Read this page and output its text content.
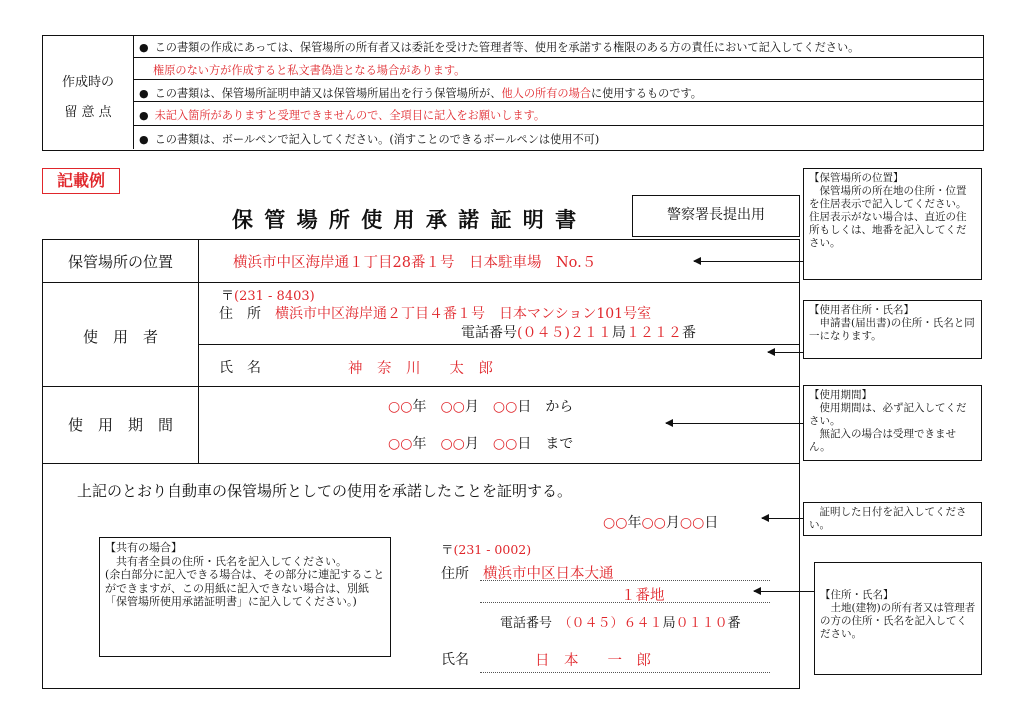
作成時の
留 意 点
● この書類の作成にあっては、保管場所の所有者又は委託を受けた管理者等、使用を承諾する権限のある方の責任において記入してください。
権原のない方が作成すると私文書偽造となる場合があります。
● この書類は、保管場所証明申請又は保管場所届出を行う保管場所が、他人の所有の場合に使用するものです。
● 未記入箇所がありますと受理できませんので、全項目に記入をお願いします。
● この書類は、ボールペンで記入してください。(消すことのできるボールペンは使用不可)
記載例
保 管 場 所 使 用 承 諾 証 明 書	警察署長提出用
保管場所の位置	横浜市中区海岸通１丁目28番１号　日本駐車場　No.５
使　用　者
〒(231 - 8403)
住　所　 横浜市中区海岸通２丁目４番１号　日本マンション101号室
電話番号(０４５)２１１局１２１２番
氏　名	神　奈　川　　太　郎
使　用　期　間
○○年　 ○○月　 ○○日　 から
○○年　 ○○月　 ○○日　 まで
上記のとおり自動車の保管場所としての使用を承諾したことを証明する。
○○年○○月○○日
〒(231 - 0002)
住所 横浜市中区日本大通
１番地
電話番号　 （０４５）６４１局０１１０番
氏名	日　本　　一　郎
【共有の場合】
共有者全員の住所・氏名を記入してください。
(余白部分に記入できる場合は、その部分に連記することができますが、この用紙に記入できない場合は、別紙「保管場所使用承諾証明書」に記入してください。)
【保管場所の位置】
保管場所の所在地の住所・位置を住居表示で記入してください。
住居表示がない場合は、直近の住所もしくは、地番を記入してください。
【使用者住所・氏名】
申請書(届出書)の住所・氏名と同一になります。
【使用期間】
使用期間は、必ず記入してください。
無記入の場合は受理できません。
証明した日付を記入してください。
【住所・氏名】
土地(建物)の所有者又は管理者の方の住所・氏名を記入してください。
